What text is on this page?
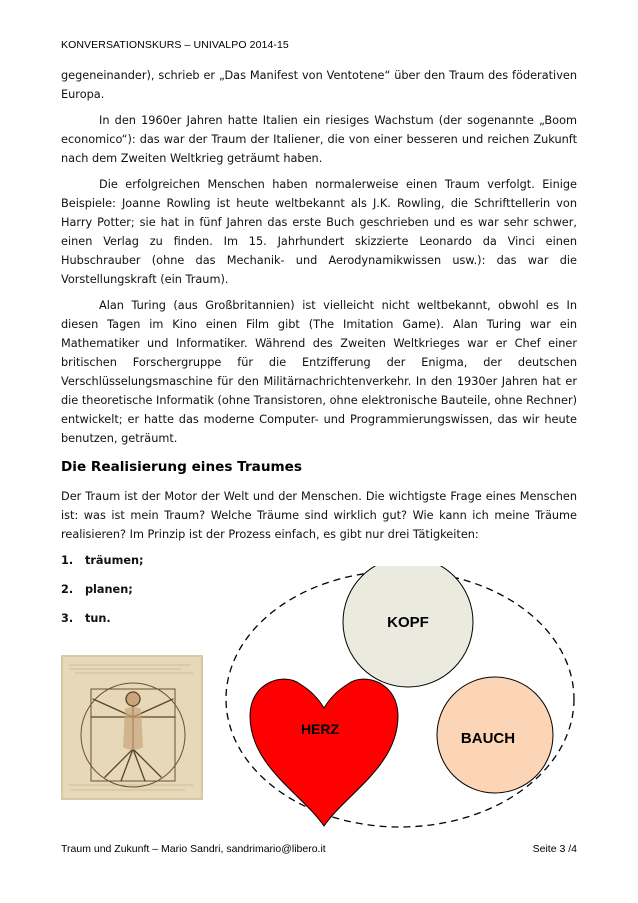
KONVERSATIONSKURS – UNIVALPO 2014-15

gegeneinander), schrieb er „Das Manifest von Ventotene“ über den Traum des föderativen Europa.

In den 1960er Jahren hatte Italien ein riesiges Wachstum (der sogenannte „Boom economico“): das war der Traum der Italiener, die von einer besseren und reichen Zukunft nach dem Zweiten Weltkrieg geträumt haben.

Die erfolgreichen Menschen haben normalerweise einen Traum verfolgt. Einige Beispiele: Joanne Rowling ist heute weltbekannt als J.K. Rowling, die Schrifttellerin von Harry Potter; sie hat in fünf Jahren das erste Buch geschrieben und es war sehr schwer, einen Verlag zu finden. Im 15. Jahrhundert skizzierte Leonardo da Vinci einen Hubschrauber (ohne das Mechanik- und Aerodynamikwissen usw.): das war die Vorstellungskraft (ein Traum).

Alan Turing (aus Großbritannien) ist vielleicht nicht weltbekannt, obwohl es In diesen Tagen im Kino einen Film gibt (The Imitation Game). Alan Turing war ein Mathematiker und Informatiker. Während des Zweiten Weltkrieges war er Chef einer britischen Forschergruppe für die Entzifferung der Enigma, der deutschen Verschlüsselungsmaschine für den Militärnachrichtenverkehr. In den 1930er Jahren hat er die theoretische Informatik (ohne Transistoren, ohne elektronische Bauteile, ohne Rechner) entwickelt; er hatte das moderne Computer- und Programmierungswissen, das wir heute benutzen, geträumt.

Die Realisierung eines Traumes

Der Traum ist der Motor der Welt und der Menschen. Die wichtigste Frage eines Menschen ist: was ist mein Traum? Welche Träume sind wirklich gut? Wie kann ich meine Träume realisieren? Im Prinzip ist der Prozess einfach, es gibt nur drei Tätigkeiten:

1. träumen;
2. planen;
3. tun.	KOPF
HERZ
BAUCH
Traum und Zukunft – Mario Sandri, sandrimario@libero.it	Seite 3 /4
